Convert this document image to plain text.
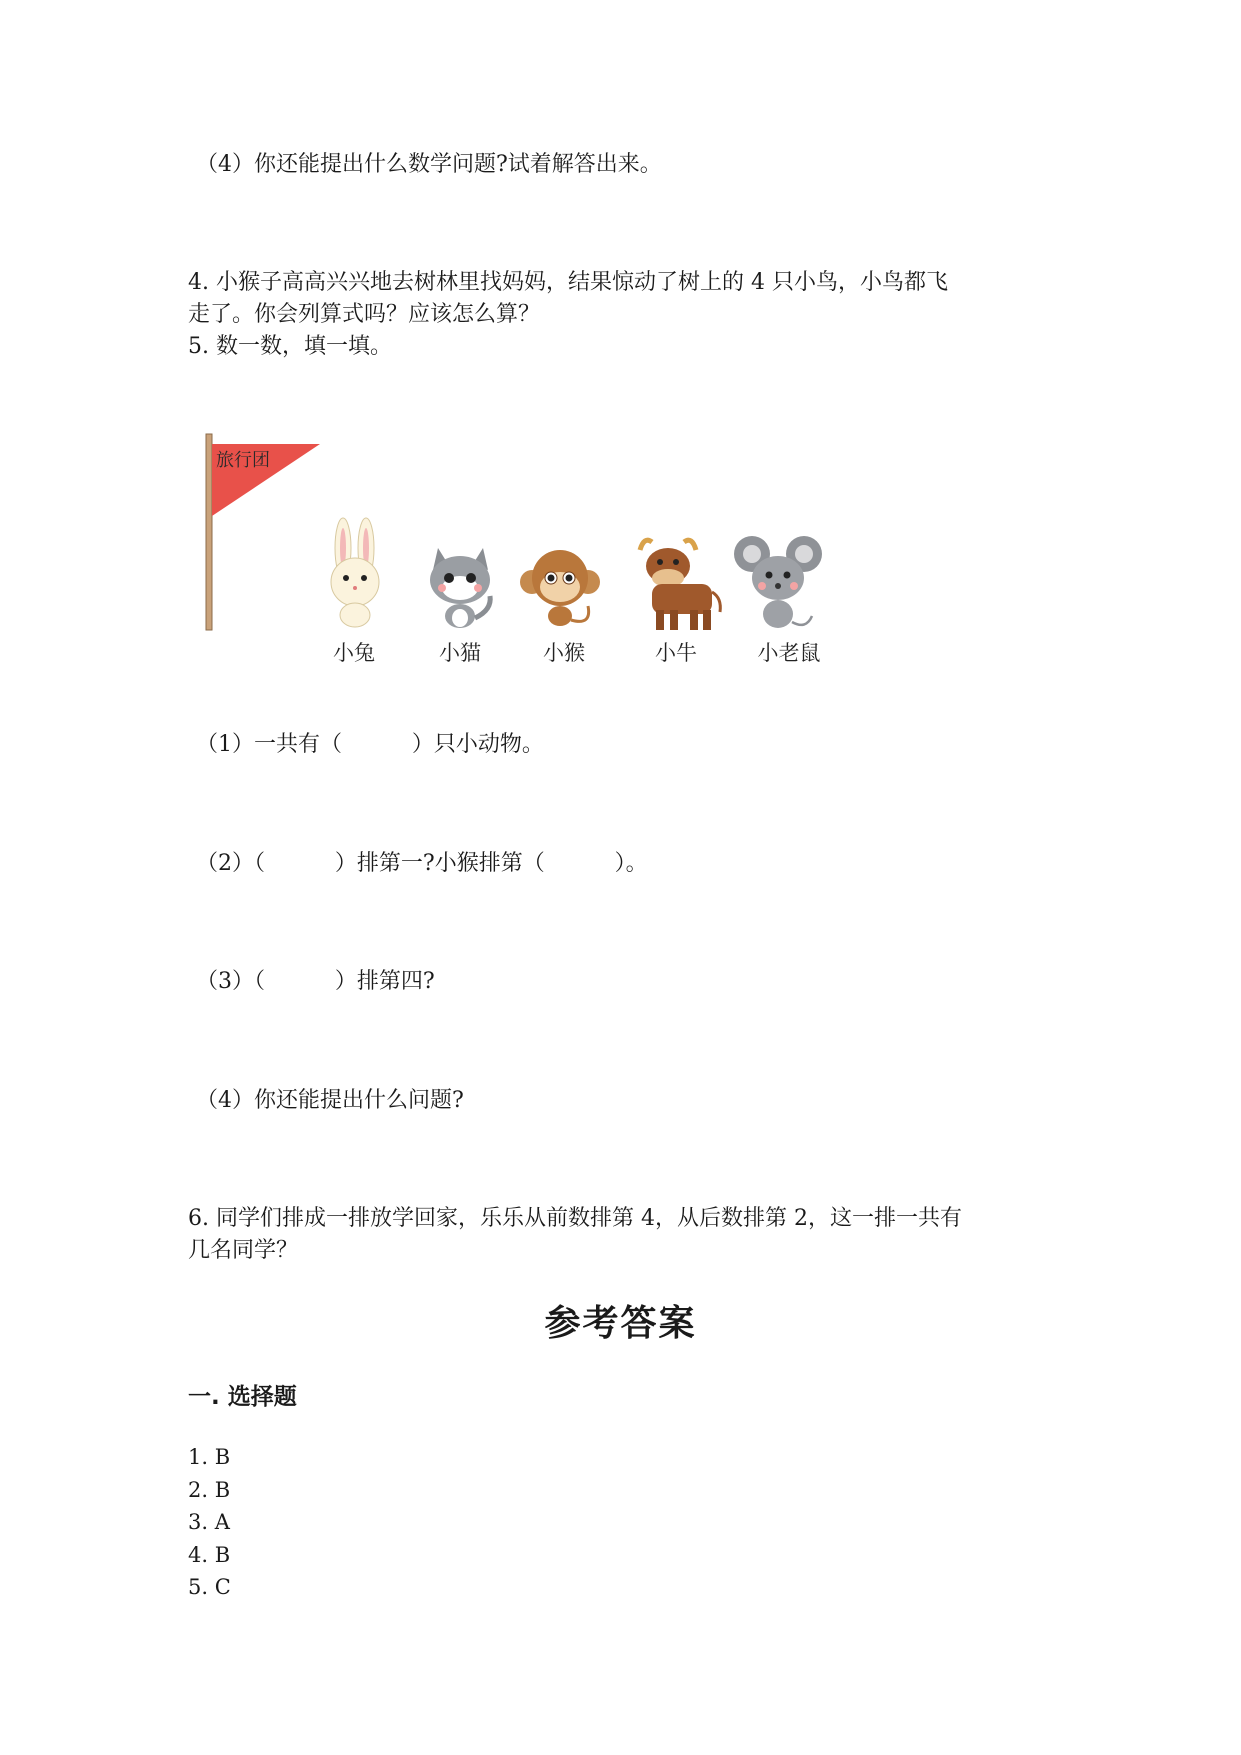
（4）你还能提出什么数学问题?试着解答出来。
4. 小猴子高高兴兴地去树林里找妈妈，结果惊动了树上的 4 只小鸟，小鸟都飞
走了。你会列算式吗？应该怎么算？
5. 数一数，填一填。
旅行团
小兔	小猫	小猴	小牛	小老鼠
（1）一共有（          ）只小动物。
（2）（          ）排第一?小猴排第（          ）。
（3）（          ）排第四?
（4）你还能提出什么问题?
6. 同学们排成一排放学回家，乐乐从前数排第 4，从后数排第 2，这一排一共有
几名同学？
参考答案
一. 选择题
1. B
2. B
3. A
4. B
5. C
